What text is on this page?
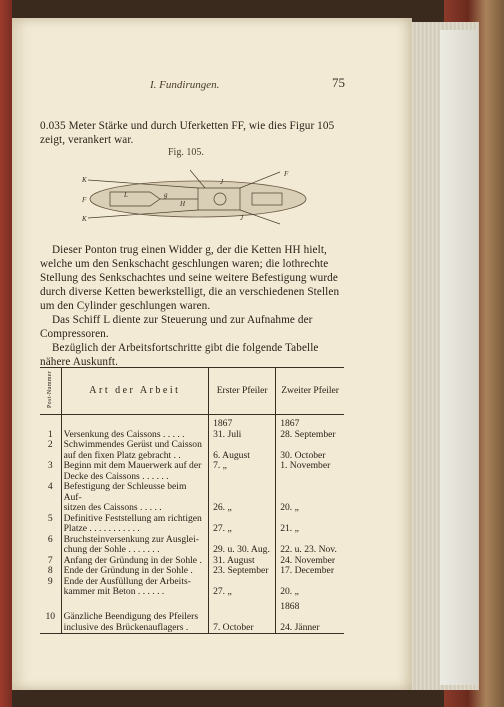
I. Fundirungen.	75
0.035 Meter Stärke und durch Uferketten FF, wie dies Figur 105
zeigt, verankert war.
Fig. 105.
K
F
K
L	g
H
J
J
F
Dieser Ponton trug einen Widder g, der die Ketten HH hielt,
welche um den Senkschacht geschlungen waren; die lothrechte
Stellung des Senkschachtes und seine weitere Befestigung wurde
durch diverse Ketten bewerkstelligt, die an verschiedenen Stellen
um den Cylinder geschlungen waren.
Das Schiff L diente zur Steuerung und zur Aufnahme der
Compressoren.
Bezüglich der Arbeitsfortschritte gibt die folgende Tabelle
nähere Auskunft.
Post-Nummer	Art der Arbeit	Erster Pfeiler	Zweiter Pfeiler
		1867	1867
1	Versenkung des Caissons . . . . .	31. Juli	28. September
2	Schwimmendes Gerüst und Caisson		
	auf den fixen Platz gebracht . .	6. August	30. October
3	Beginn mit dem Mauerwerk auf der	7. „	1. November
	Decke des Caissons . . . . . .		
4	Befestigung der Schleusse beim Auf-		
	sitzen des Caissons . . . . .	26. „	20. „
5	Definitive Feststellung am richtigen		
	Platze . . . . . . . . . . .	27. „	21. „
6	Bruchsteinversenkung zur Ausglei-		
	chung der Sohle . . . . . . .	29. u. 30. Aug.	22. u. 23. Nov.
7	Anfang der Gründung in der Sohle .	31. August	24. November
8	Ende der Gründung in der Sohle .	23. September	17. December
9	Ende der Ausfüllung der Arbeits-		
	kammer mit Beton . . . . . .	27. „	20. „
			1868
10	Gänzliche Beendigung des Pfeilers		
	inclusive des Brückenauflagers .	7. October	24. Jänner
